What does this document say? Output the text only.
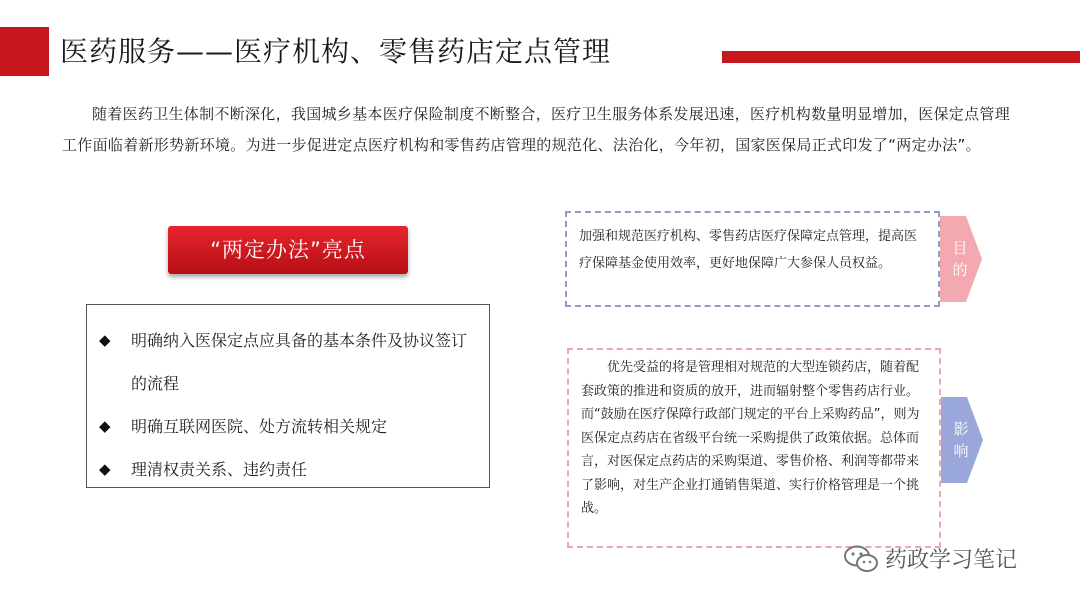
医药服务——医疗机构、零售药店定点管理
随着医药卫生体制不断深化，我国城乡基本医疗保险制度不断整合，医疗卫生服务体系发展迅速，医疗机构数量明显增加，医保定点管理工作面临着新形势新环境。为进一步促进定点医疗机构和零售药店管理的规范化、法治化，今年初，国家医保局正式印发了“两定办法”。
“两定办法”亮点
◆	明确纳入医保定点应具备的基本条件及协议签订的流程
◆	明确互联网医院、处方流转相关规定
◆	理清权责关系、违约责任
加强和规范医疗机构、零售药店医疗保障定点管理，提高医疗保障基金使用效率，更好地保障广大参保人员权益。
目的
优先受益的将是管理相对规范的大型连锁药店，随着配套政策的推进和资质的放开，进而辐射整个零售药店行业。而“鼓励在医疗保障行政部门规定的平台上采购药品”，则为医保定点药店在省级平台统一采购提供了政策依据。总体而言，对医保定点药店的采购渠道、零售价格、利润等都带来了影响，对生产企业打通销售渠道、实行价格管理是一个挑战。
影响
药政学习笔记
